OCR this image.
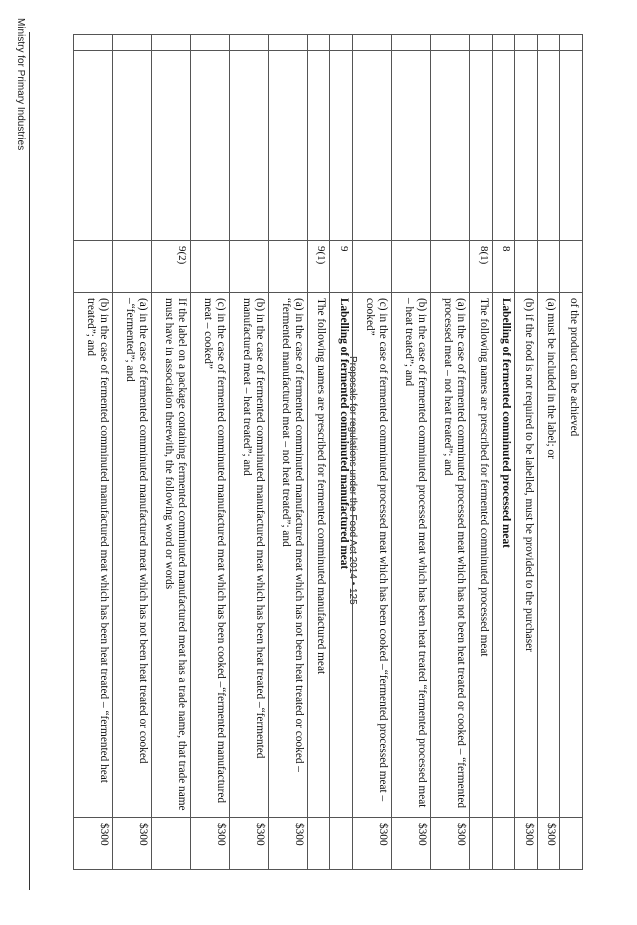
Ministry for Primary Industries
Proposals for regulations under the Food Act 2014 • 125
				of the product can be achieved	
			(a) must be included in the label; or	$300
			(b) if the food is not required to be labelled, must be provided to the purchaser	$300
		8	Labelling of fermented comminuted processed meat	
		8(1)	The following names are prescribed for fermented comminuted processed meat	
			(a) in the case of fermented comminuted processed meat which has not been heat treated or cooked – “fermented processed meat – not heat treated”; and	$300
			(b) in the case of fermented comminuted processed meat which has been heat treated “fermented processed meat – heat treated”; and	$300
			(c) in the case of fermented comminuted processed meat which has been cooked –“fermented processed meat – cooked”	$300
		9	Labelling of fermented comminuted manufactured meat	
		9(1)	The following names are prescribed for fermented comminuted manufactured meat	
			(a) in the case of fermented comminuted manufactured meat which has not been heat treated or cooked – “fermented manufactured meat – not heat treated”; and	$300
			(b) in the case of fermented comminuted manufactured meat which has been heat treated –“fermented manufactured meat – heat treated”; and	$300
			(c) in the case of fermented comminuted manufactured meat which has been cooked –“fermented manufactured meat – cooked”	$300
		9(2)	If the label on a package containing fermented comminuted manufactured meat has a trade name, that trade name must have in association therewith, the following word or words	
			(a) in the case of fermented comminuted manufactured meat which has not been heat treated or cooked –“fermented”; and	$300
			(b) in the case of fermented comminuted manufactured meat which has been heat treated – “fermented heat treated”; and	$300
